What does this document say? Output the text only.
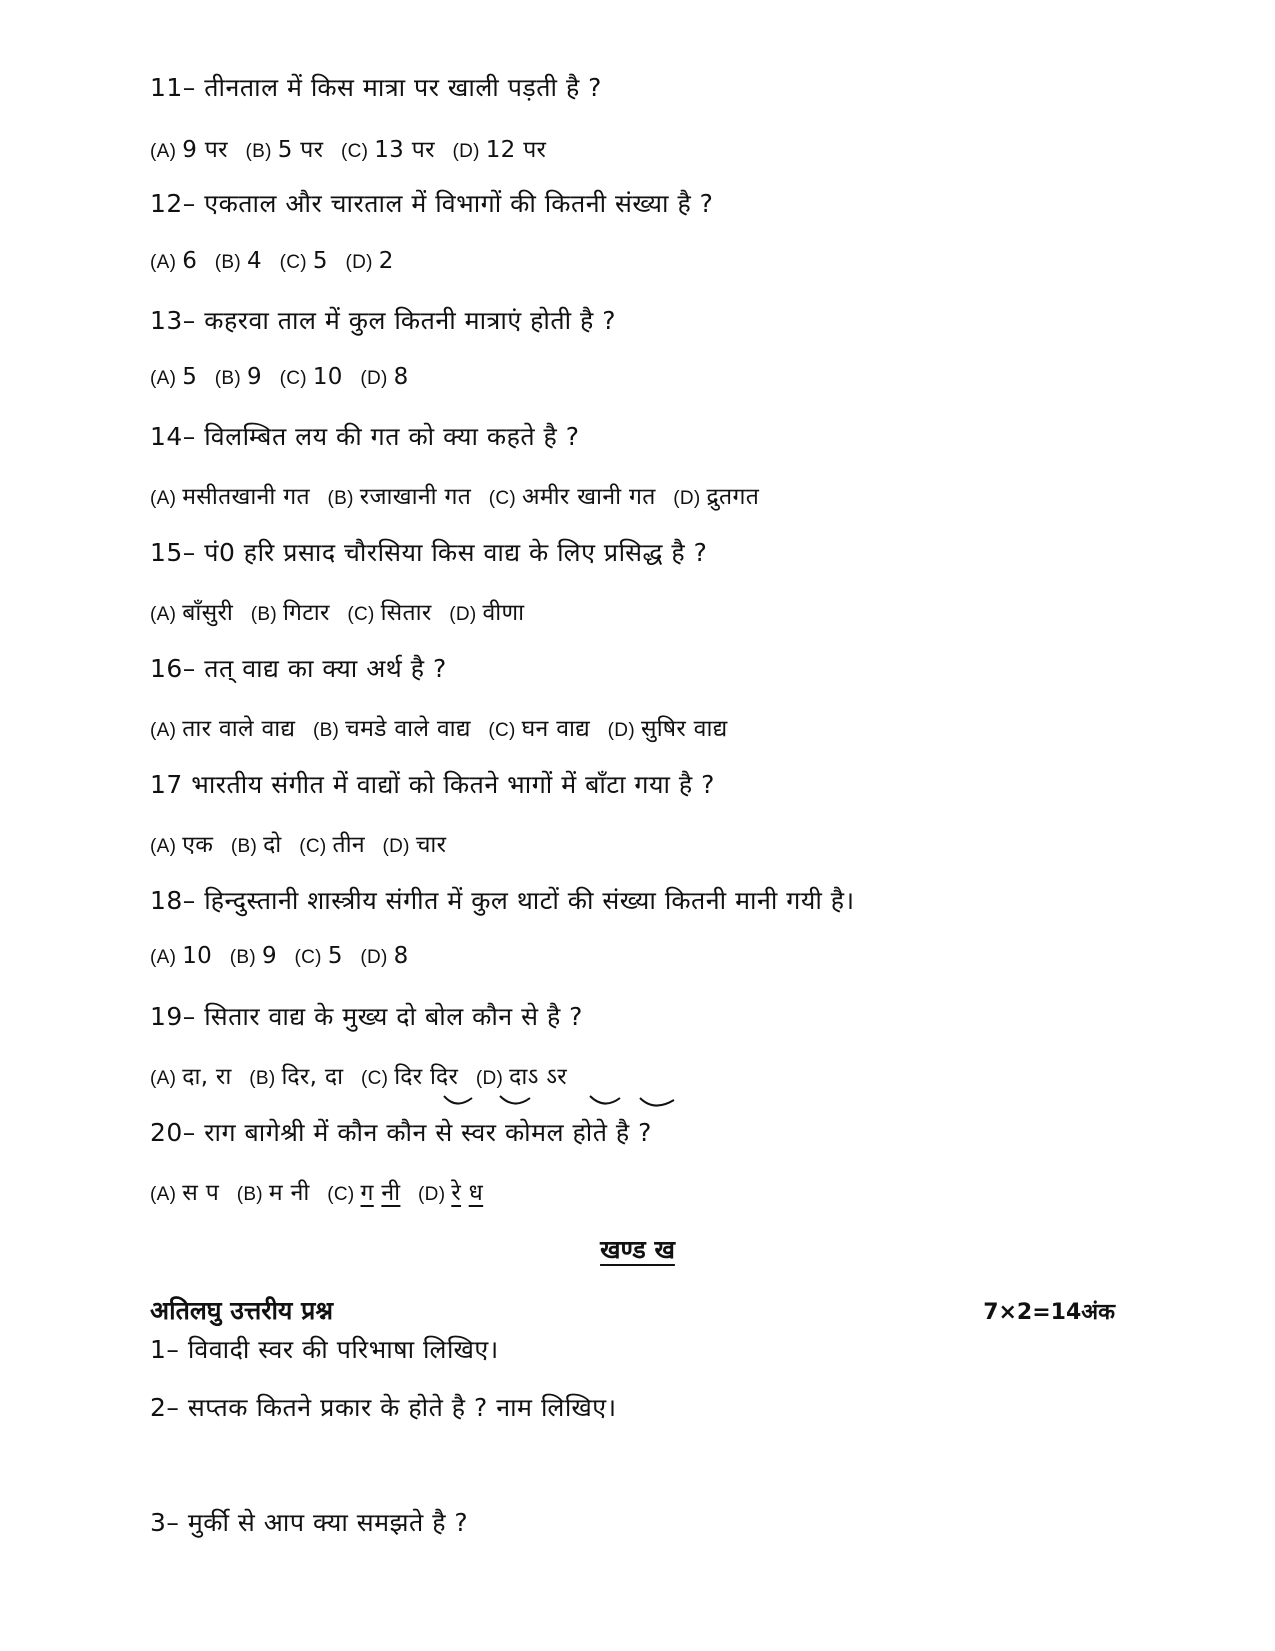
11– तीनताल में किस मात्रा पर खाली पड़ती है ?
(A) 9 पर (B) 5 पर (C) 13 पर (D) 12 पर
12– एकताल और चारताल में विभागों की कितनी संख्या है ?
(A) 6 (B) 4 (C) 5 (D) 2
13– कहरवा ताल में कुल कितनी मात्राएं होती है ?
(A) 5 (B) 9 (C) 10 (D) 8
14– विलम्बित लय की गत को क्या कहते है ?
(A) मसीतखानी गत (B) रजाखानी गत (C) अमीर खानी गत (D) द्रुतगत
15– पं0 हरि प्रसाद चौरसिया किस वाद्य के लिए प्रसिद्ध है ?
(A) बाँसुरी (B) गिटार (C) सितार (D) वीणा
16– तत् वाद्य का क्या अर्थ है ?
(A) तार वाले वाद्य (B) चमडे वाले वाद्य (C) घन वाद्य (D) सुषिर वाद्य
17 भारतीय संगीत में वाद्यों को कितने भागों में बाँटा गया है ?
(A) एक (B) दो (C) तीन (D) चार
18– हिन्दुस्तानी शास्त्रीय संगीत में कुल थाटों की संख्या कितनी मानी गयी है।
(A) 10 (B) 9 (C) 5 (D) 8
19– सितार वाद्य के मुख्य दो बोल कौन से है ?
(A) दा, रा (B) दिर, दा (C) दिर दिर (D) दाऽ ऽर
20– राग बागेश्री में कौन कौन से स्वर कोमल होते है ?
(A) स प (B) म नी (C) ग नी (D) रे ध
खण्ड ख
अतिलघु उत्तरीय प्रश्न	7×2=14अंक
1– विवादी स्वर की परिभाषा लिखिए।
2– सप्तक कितने प्रकार के होते है ? नाम लिखिए।
3– मुर्की से आप क्या समझते है ?
